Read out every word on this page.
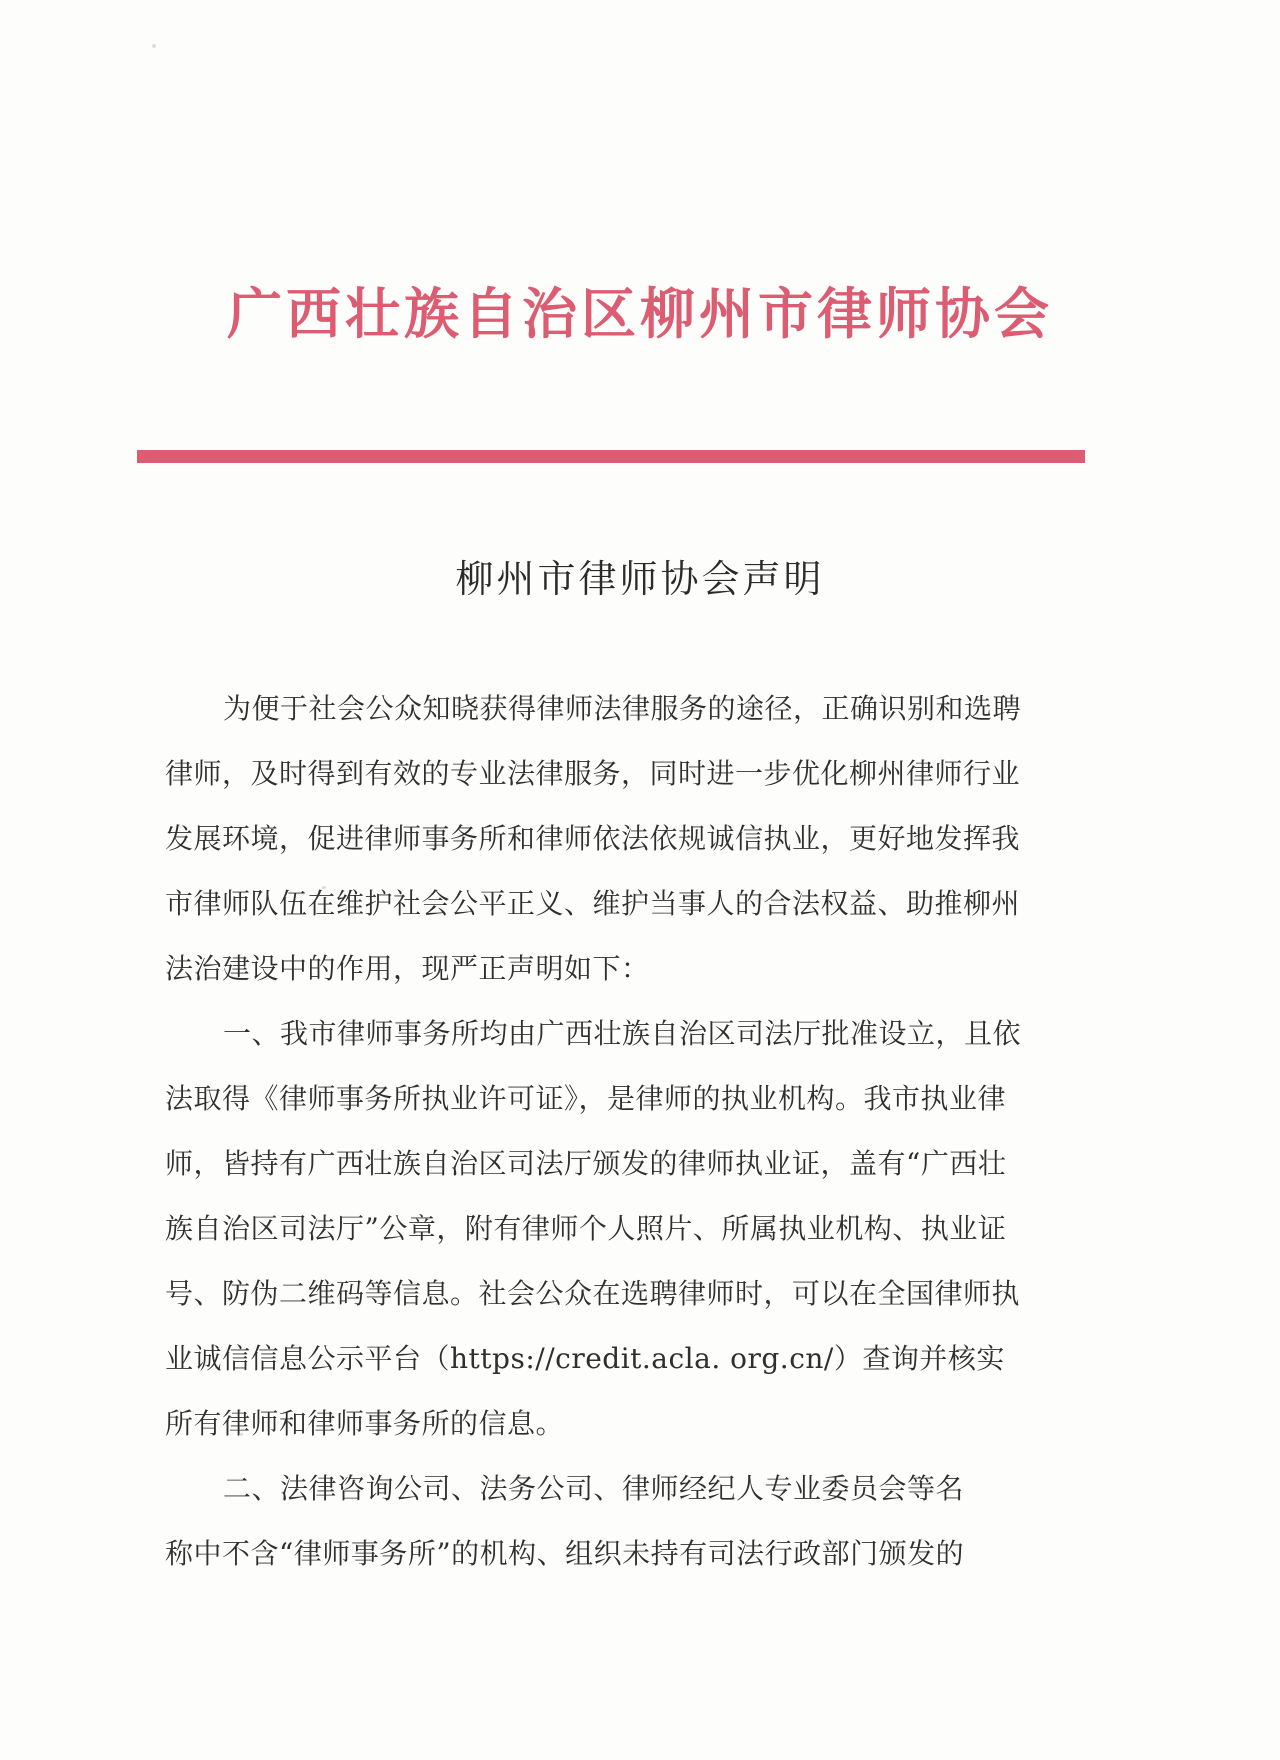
广西壮族自治区柳州市律师协会
柳州市律师协会声明
为便于社会公众知晓获得律师法律服务的途径，正确识别和选聘
律师，及时得到有效的专业法律服务，同时进一步优化柳州律师行业
发展环境，促进律师事务所和律师依法依规诚信执业，更好地发挥我
市律师队伍在维护社会公平正义、维护当事人的合法权益、助推柳州
法治建设中的作用，现严正声明如下：
一、我市律师事务所均由广西壮族自治区司法厅批准设立，且依
法取得《律师事务所执业许可证》，是律师的执业机构。我市执业律
师，皆持有广西壮族自治区司法厅颁发的律师执业证，盖有“广西壮
族自治区司法厅”公章，附有律师个人照片、所属执业机构、执业证
号、防伪二维码等信息。社会公众在选聘律师时，可以在全国律师执
业诚信信息公示平台（https://credit.acla. org.cn/）查询并核实
所有律师和律师事务所的信息。
二、法律咨询公司、法务公司、律师经纪人专业委员会等名
称中不含“律师事务所”的机构、组织未持有司法行政部门颁发的
